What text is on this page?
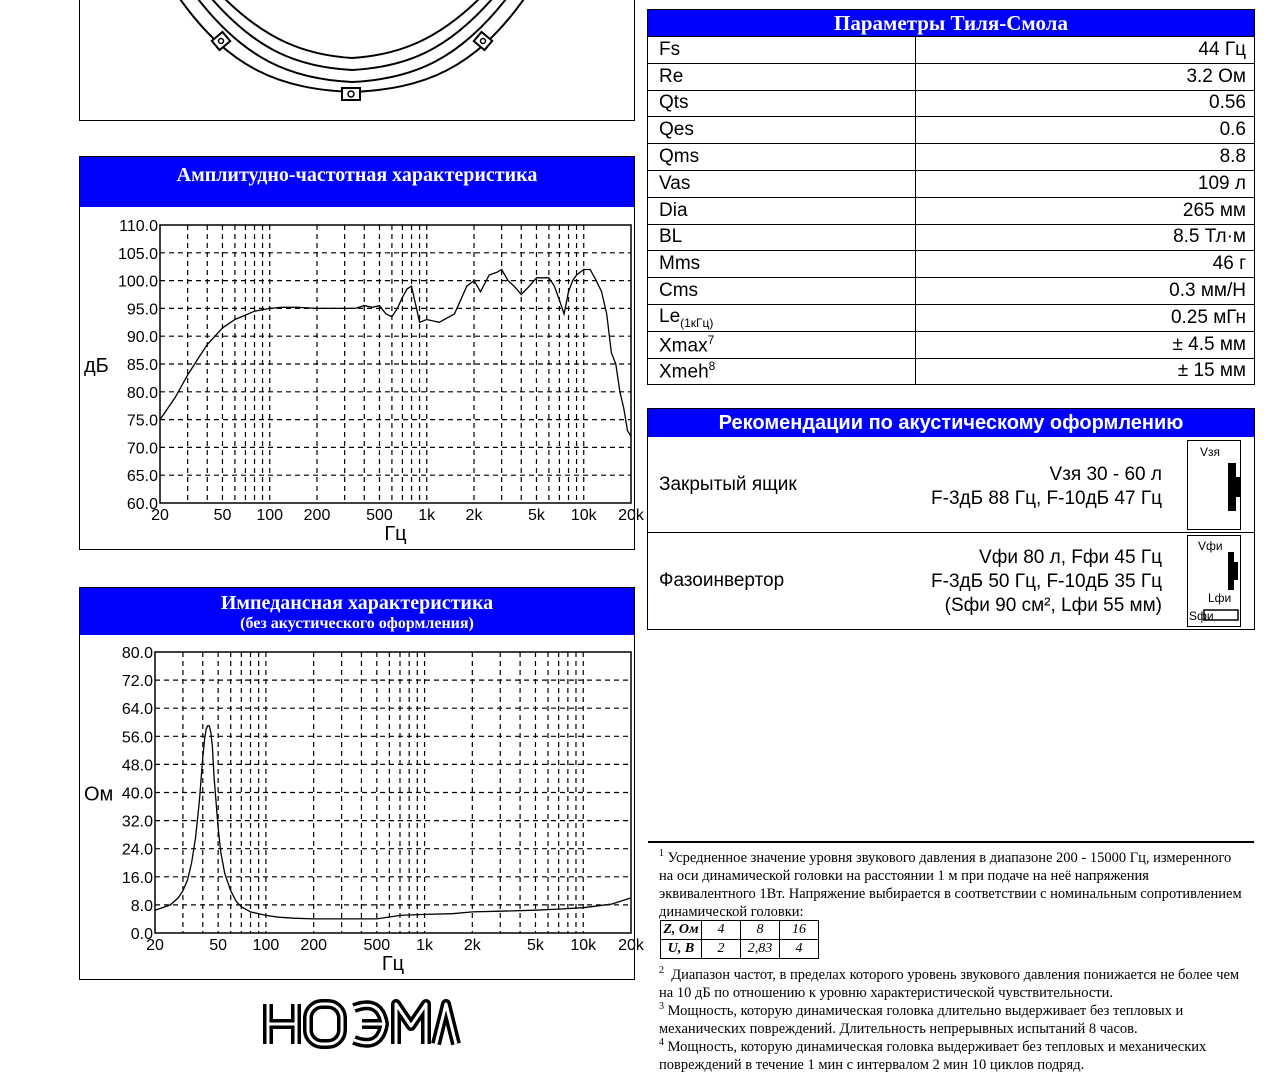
Амплитудно-частотная характеристика
110.0
105.0
100.0
95.0
90.0
85.0
80.0
75.0
70.0
65.0
60.0
20	50 100 200 500 1k 2k	5k 10k 20k
Гц
дБ
Импедансная характеристика
(без акустического оформления)
80.0
72.0
64.0
56.0
48.0
40.0
32.0
24.0
16.0
8.0
0.0
20	50 100 200 500 1k 2k	5k 10k 20k
Гц
Ом
Параметры Тиля-Смола	
Fs	44 Гц
Re	3.2 Ом
Qts	0.56
Qes	0.6
Qms	8.8
Vas	109 л
Dia	265 мм
BL	8.5 Тл·м
Mms	46 г
Cms	0.3 мм/Н
$Le_{(1кГц)}$	0.25 мГн
Xmax$^7$	± 4.5 мм
Xmeh$^8$	± 15 мм
Рекомендации по акустическому оформлению
Закрытый ящик	Vзя 30 - 60 л
F-3дБ 88 Гц, F-10дБ 47 Гц
Vзя
Фазоинвертор
Vфи 80 л, Fфи 45 Гц
F-3дБ 50 Гц, F-10дБ 35 Гц
(Sфи 90 см², Lфи 55 мм)
Vфи
Lфи
Sфи
$^1$ Усредненное значение уровня звукового давления в диапазоне 200 - 15000 Гц, измеренного на оси динамической головки на расстоянии 1 м при подаче на неё напряжения эквивалентного 1Вт. Напряжение выбирается в соответствии с номинальным сопротивлением динамической головки:
Z, Ом	4	8	16
U, В	2	2,83	4
$^2$ Диапазон частот, в пределах которого уровень звукового давления понижается не более чем на 10 дБ по отношению к уровню характеристической чувствительности.
$^3$ Мощность, которую динамическая головка длительно выдерживает без тепловых и механических повреждений. Длительность непрерывных испытаний 8 часов.
$^4$ Мощность, которую динамическая головка выдерживает без тепловых и механических повреждений в течение 1 мин с интервалом 2 мин 10 циклов подряд.
